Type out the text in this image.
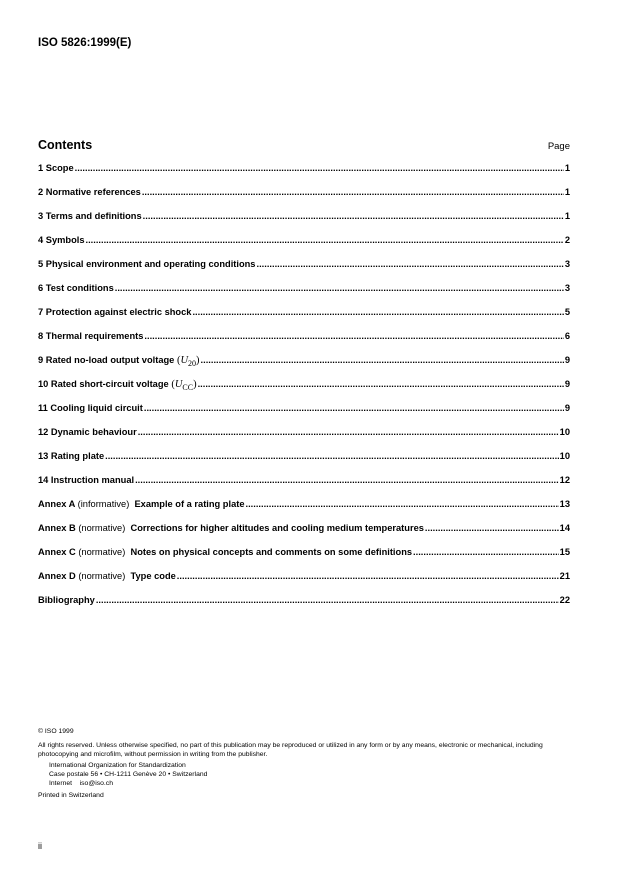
ISO 5826:1999(E)
Contents	Page
1 Scope .....	1
2 Normative references .....	1
3 Terms and definitions .....	1
4 Symbols .....	2
5 Physical environment and operating conditions .....	3
6 Test conditions .....	3
7 Protection against electric shock .....	5
8 Thermal requirements .....	6
9 Rated no-load output voltage $(U_{20})$ .....	9
10 Rated short-circuit voltage $(U_{CC})$ .....	9
11 Cooling liquid circuit .....	9
12 Dynamic behaviour .....	10
13 Rating plate .....	10
14 Instruction manual .....	12
Annex A (informative) Example of a rating plate .....	13
Annex B (normative) Corrections for higher altitudes and cooling medium temperatures .....	14
Annex C (normative) Notes on physical concepts and comments on some definitions .....	15
Annex D (normative) Type code .....	21
Bibliography .....	22
© ISO 1999
All rights reserved. Unless otherwise specified, no part of this publication may be reproduced or utilized in any form or by any means, electronic or mechanical, including photocopying and microfilm, without permission in writing from the publisher.
International Organization for Standardization
Case postale 56 • CH-1211 Genève 20 • Switzerland
Internet iso@iso.ch
Printed in Switzerland
ii
